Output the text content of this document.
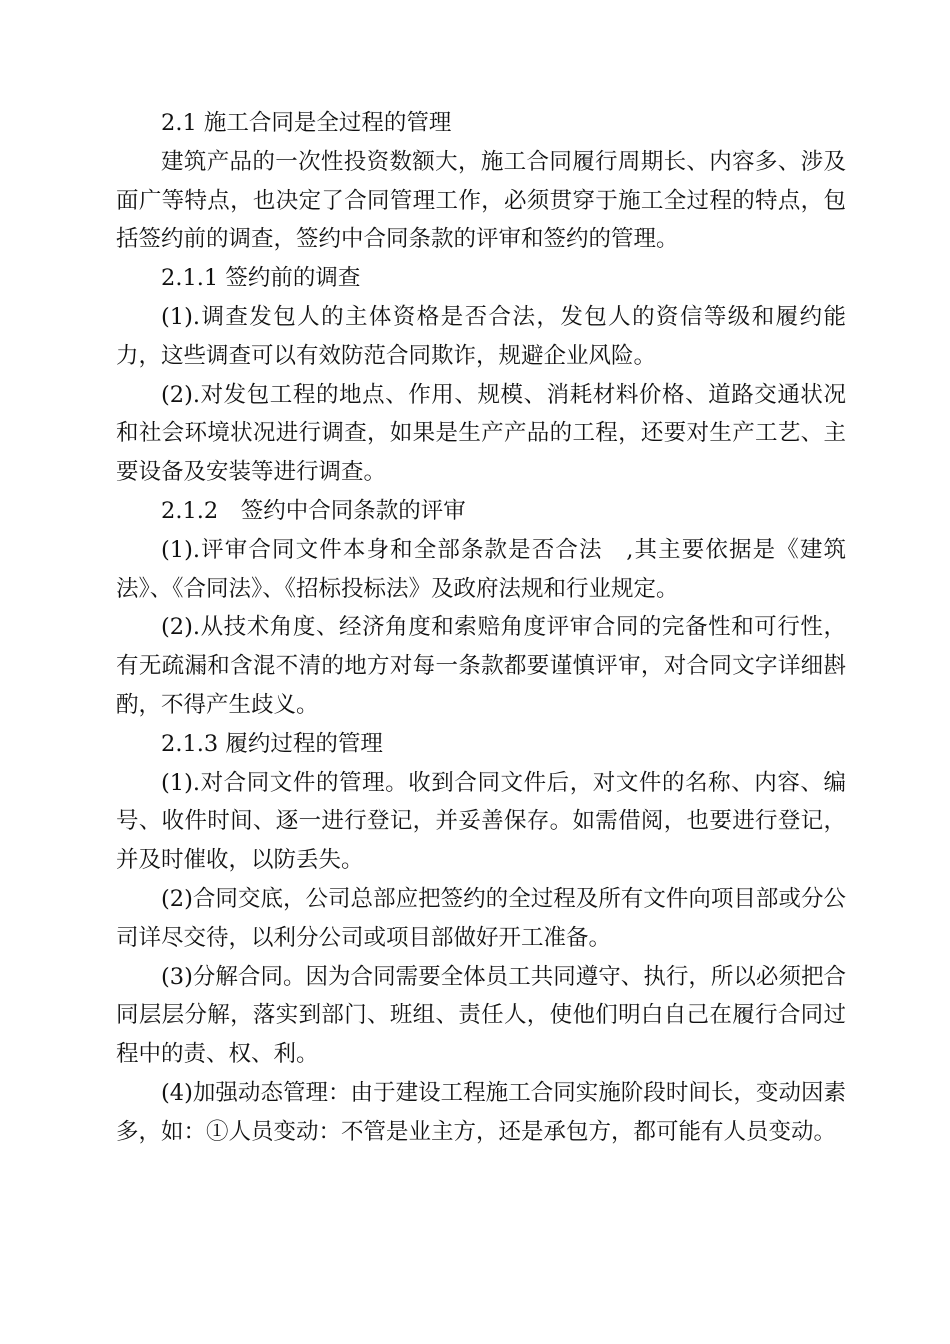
2.1 施工合同是全过程的管理

建筑产品的一次性投资数额大，施工合同履行周期长、内容多、涉及面广等特点，也决定了合同管理工作，必须贯穿于施工全过程的特点，包括签约前的调查，签约中合同条款的评审和签约的管理。

2.1.1 签约前的调查

(1).调查发包人的主体资格是否合法，发包人的资信等级和履约能力，这些调查可以有效防范合同欺诈，规避企业风险。

(2).对发包工程的地点、作用、规模、消耗材料价格、道路交通状况和社会环境状况进行调查，如果是生产产品的工程，还要对生产工艺、主要设备及安装等进行调查。

2.1.2　签约中合同条款的评审

(1).评审合同文件本身和全部条款是否合法　,其主要依据是《建筑法》、《合同法》、《招标投标法》及政府法规和行业规定。

(2).从技术角度、经济角度和索赔角度评审合同的完备性和可行性，有无疏漏和含混不清的地方对每一条款都要谨慎评审，对合同文字详细斟酌，不得产生歧义。

2.1.3 履约过程的管理

(1).对合同文件的管理。收到合同文件后，对文件的名称、内容、编号、收件时间、逐一进行登记，并妥善保存。如需借阅，也要进行登记，并及时催收，以防丢失。

(2)合同交底，公司总部应把签约的全过程及所有文件向项目部或分公司详尽交待，以利分公司或项目部做好开工准备。

(3)分解合同。因为合同需要全体员工共同遵守、执行，所以必须把合同层层分解，落实到部门、班组、责任人，使他们明白自己在履行合同过程中的责、权、利。

(4)加强动态管理：由于建设工程施工合同实施阶段时间长，变动因素多，如：①人员变动：不管是业主方，还是承包方，都可能有人员变动。
